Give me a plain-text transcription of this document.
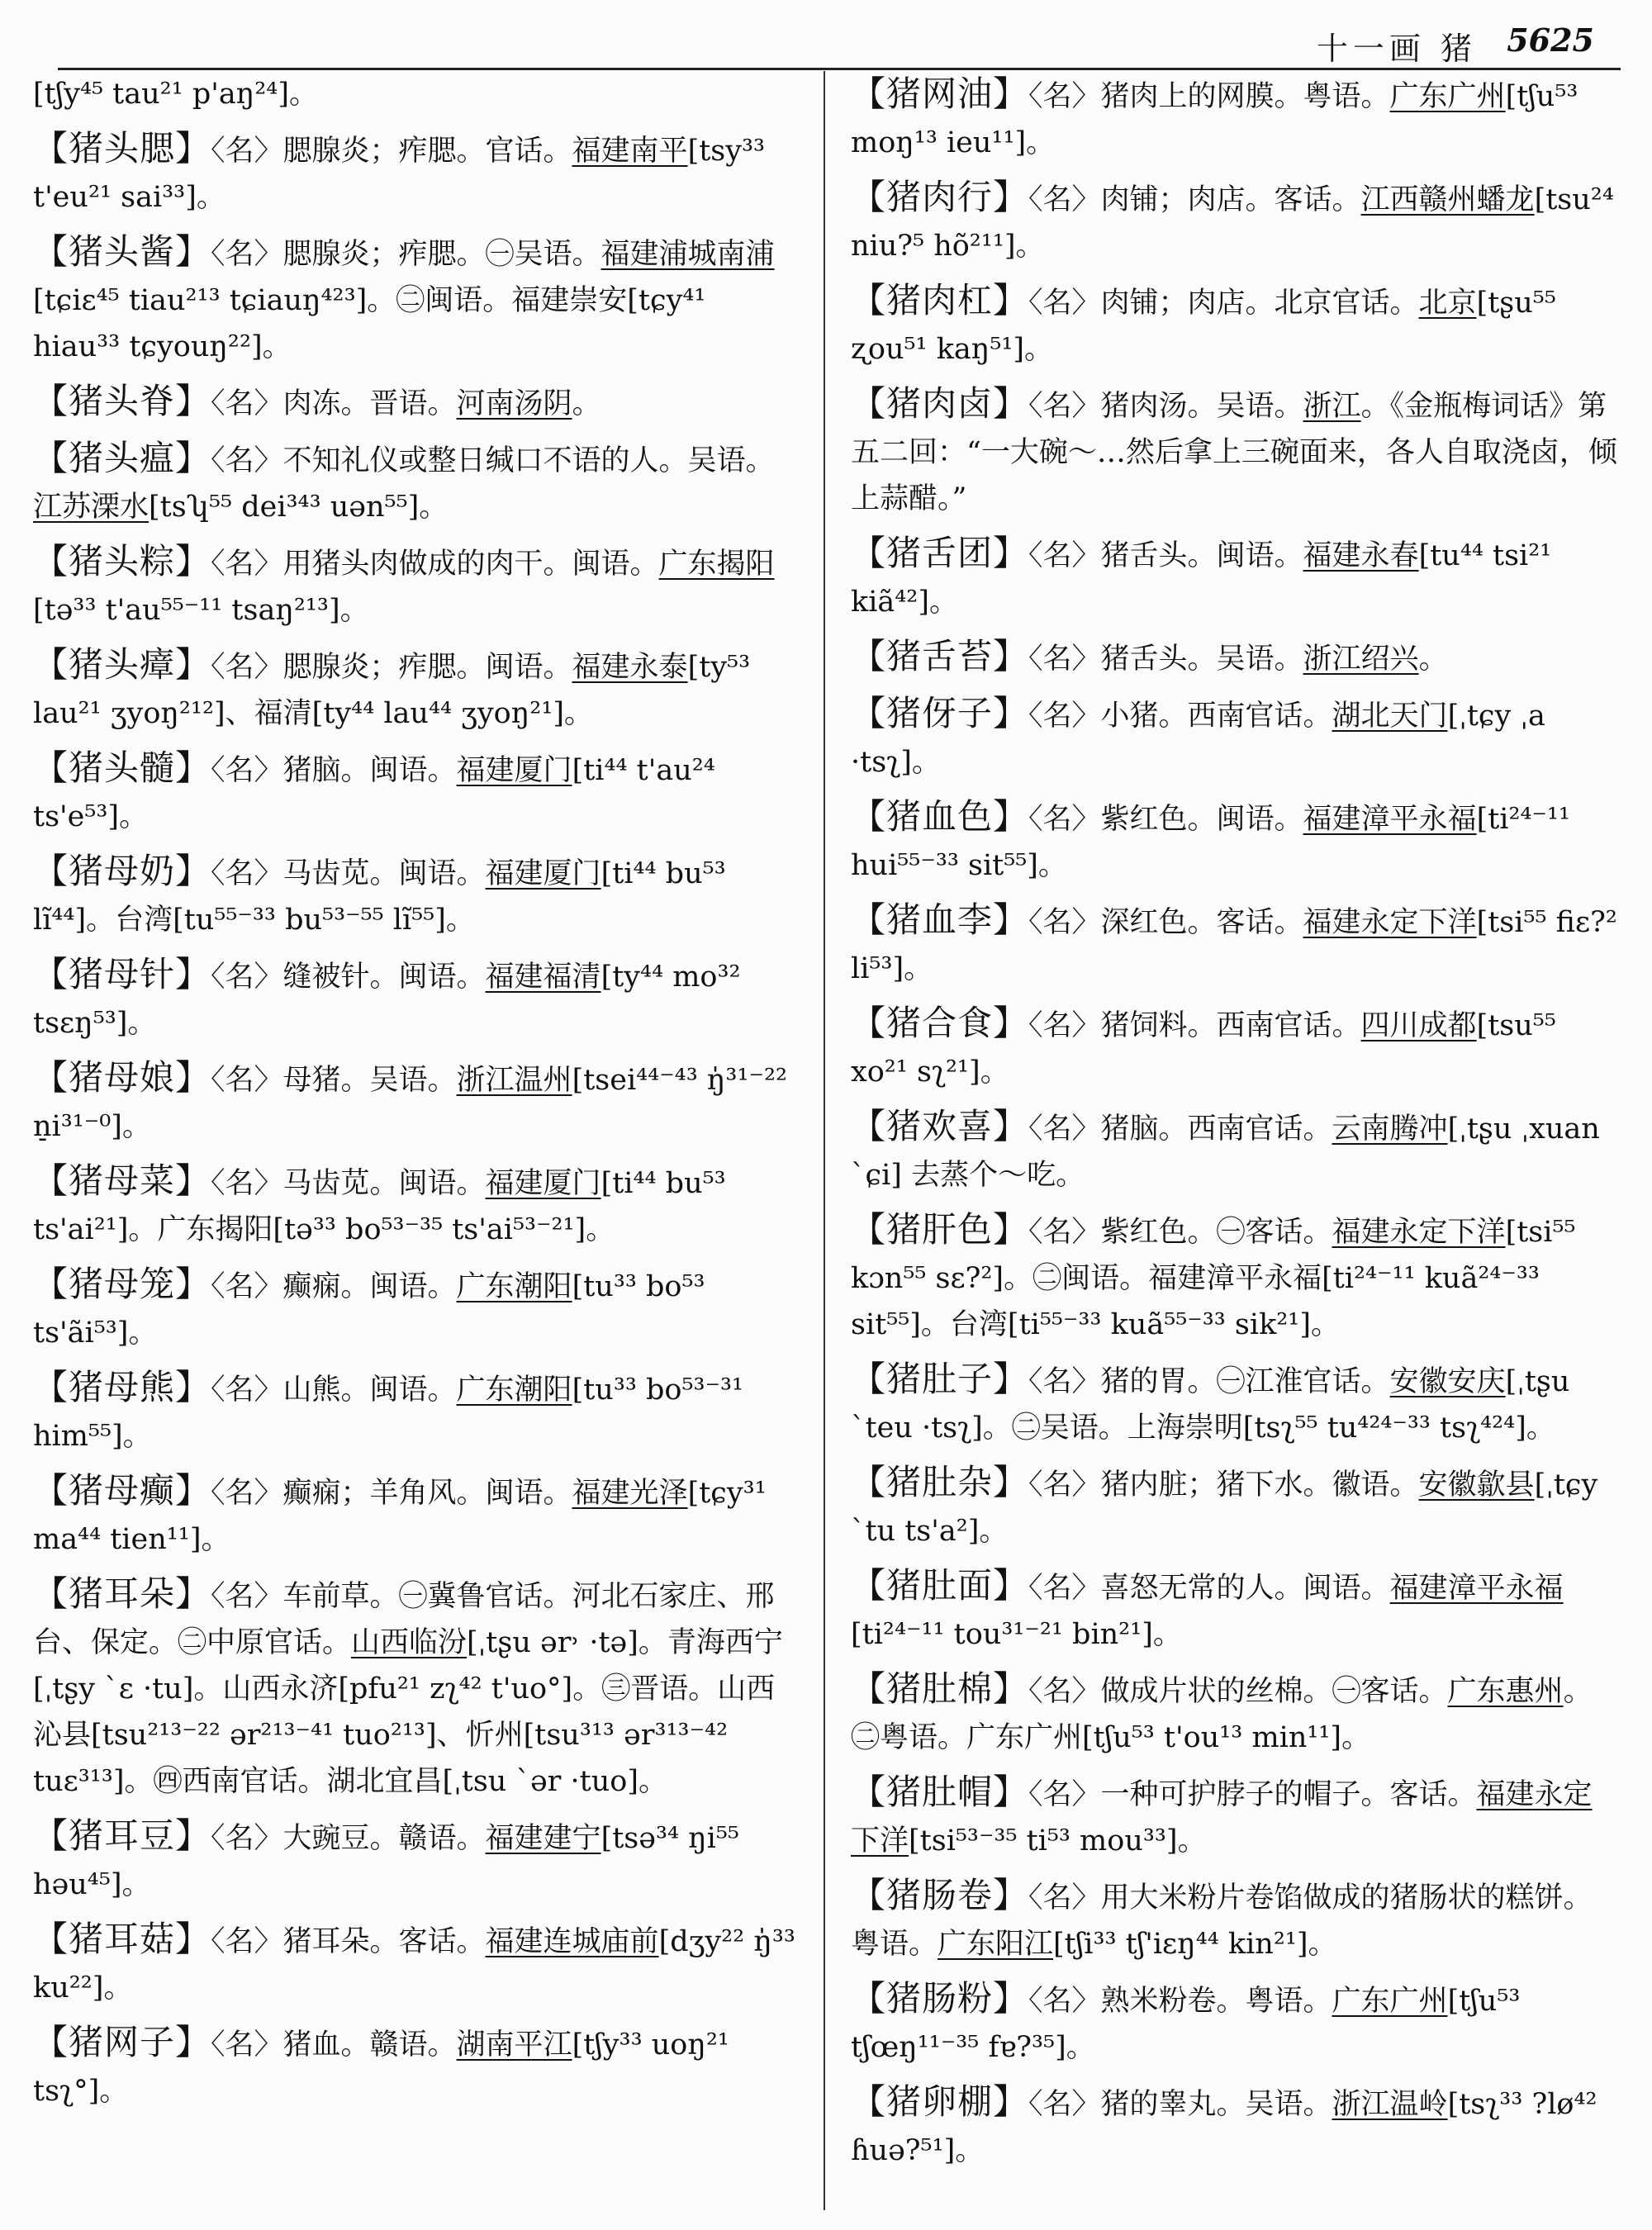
十一画 猪 5625

[tʃy⁴⁵ tau²¹ p'aŋ²⁴]。

【猪头腮】〈名〉腮腺炎；痄腮。官话。福建南平[tsy³³ t'eu²¹ sai³³]。

【猪头酱】〈名〉腮腺炎；痄腮。㊀吴语。福建浦城南浦[tɕiɛ⁴⁵ tiau²¹³ tɕiauŋ⁴²³]。㊁闽语。福建崇安[tɕy⁴¹ hiau³³ tɕyouŋ²²]。

【猪头脊】〈名〉肉冻。晋语。河南汤阴。

【猪头瘟】〈名〉不知礼仪或整日缄口不语的人。吴语。江苏溧水[tsʮ⁵⁵ dei³⁴³ uən⁵⁵]。

【猪头粽】〈名〉用猪头肉做成的肉干。闽语。广东揭阳[tə³³ t'au⁵⁵⁻¹¹ tsaŋ²¹³]。

【猪头瘴】〈名〉腮腺炎；痄腮。闽语。福建永泰[ty⁵³ lau²¹ ʒyoŋ²¹²]、福清[ty⁴⁴ lau⁴⁴ ʒyoŋ²¹]。

【猪头髓】〈名〉猪脑。闽语。福建厦门[ti⁴⁴ t'au²⁴ ts'e⁵³]。

【猪母奶】〈名〉马齿苋。闽语。福建厦门[ti⁴⁴ bu⁵³ lĩ⁴⁴]。台湾[tu⁵⁵⁻³³ bu⁵³⁻⁵⁵ lĩ⁵⁵]。

【猪母针】〈名〉缝被针。闽语。福建福清[ty⁴⁴ mo³² tsɛŋ⁵³]。

【猪母娘】〈名〉母猪。吴语。浙江温州[tsei⁴⁴⁻⁴³ ŋ̍³¹⁻²² n̠i³¹⁻⁰]。

【猪母菜】〈名〉马齿苋。闽语。福建厦门[ti⁴⁴ bu⁵³ ts'ai²¹]。广东揭阳[tə³³ bo⁵³⁻³⁵ ts'ai⁵³⁻²¹]。

【猪母笼】〈名〉癫痫。闽语。广东潮阳[tu³³ bo⁵³ ts'ãi⁵³]。

【猪母熊】〈名〉山熊。闽语。广东潮阳[tu³³ bo⁵³⁻³¹ him⁵⁵]。

【猪母癫】〈名〉癫痫；羊角风。闽语。福建光泽[tɕy³¹ ma⁴⁴ tien¹¹]。

【猪耳朵】〈名〉车前草。㊀冀鲁官话。河北石家庄、邢台、保定。㊁中原官话。山西临汾[ˌtʂu ər˒ ·tə]。青海西宁[ˌtʂy ˋɛ ·tu]。山西永济[pfu²¹ zʅ⁴² t'uo°]。㊂晋语。山西沁县[tsu²¹³⁻²² ər²¹³⁻⁴¹ tuo²¹³]、忻州[tsu³¹³ ər³¹³⁻⁴² tuɛ³¹³]。㊃西南官话。湖北宜昌[ˌtsu ˋər ·tuo]。

【猪耳豆】〈名〉大豌豆。赣语。福建建宁[tsə³⁴ ŋi⁵⁵ həu⁴⁵]。

【猪耳菇】〈名〉猪耳朵。客话。福建连城庙前[dʒy²² ŋ̍³³ ku²²]。

【猪网子】〈名〉猪血。赣语。湖南平江[tʃy³³ uoŋ²¹ tsʅ°]。

【猪网油】〈名〉猪肉上的网膜。粤语。广东广州[tʃu⁵³ moŋ¹³ ieu¹¹]。

【猪肉行】〈名〉肉铺；肉店。客话。江西赣州蟠龙[tsu²⁴ niu?⁵ hõ²¹¹]。

【猪肉杠】〈名〉肉铺；肉店。北京官话。北京[tʂu⁵⁵ ʐou⁵¹ kaŋ⁵¹]。

【猪肉卤】〈名〉猪肉汤。吴语。浙江。《金瓶梅词话》第五二回：“一大碗～…然后拿上三碗面来，各人自取浇卤，倾上蒜醋。”

【猪舌团】〈名〉猪舌头。闽语。福建永春[tu⁴⁴ tsi²¹ kiã⁴²]。

【猪舌苔】〈名〉猪舌头。吴语。浙江绍兴。

【猪伢子】〈名〉小猪。西南官话。湖北天门[ˌtɕy ˌa ·tsʅ]。

【猪血色】〈名〉紫红色。闽语。福建漳平永福[ti²⁴⁻¹¹ hui⁵⁵⁻³³ sit⁵⁵]。

【猪血李】〈名〉深红色。客话。福建永定下洋[tsi⁵⁵ fiɛ?² li⁵³]。

【猪合食】〈名〉猪饲料。西南官话。四川成都[tsu⁵⁵ xo²¹ sʅ²¹]。

【猪欢喜】〈名〉猪脑。西南官话。云南腾冲[ˌtʂu ˌxuan ˋɕi] 去蒸个～吃。

【猪肝色】〈名〉紫红色。㊀客话。福建永定下洋[tsi⁵⁵ kɔn⁵⁵ sɛ?²]。㊁闽语。福建漳平永福[ti²⁴⁻¹¹ kuã²⁴⁻³³ sit⁵⁵]。台湾[ti⁵⁵⁻³³ kuã⁵⁵⁻³³ sik²¹]。

【猪肚子】〈名〉猪的胃。㊀江淮官话。安徽安庆[ˌtʂu ˋteu ·tsʅ]。㊁吴语。上海崇明[tsʅ⁵⁵ tu⁴²⁴⁻³³ tsʅ⁴²⁴]。

【猪肚杂】〈名〉猪内脏；猪下水。徽语。安徽歙县[ˌtɕy ˋtu ts'a²]。

【猪肚面】〈名〉喜怒无常的人。闽语。福建漳平永福[ti²⁴⁻¹¹ tou³¹⁻²¹ bin²¹]。

【猪肚棉】〈名〉做成片状的丝棉。㊀客话。广东惠州。㊁粤语。广东广州[tʃu⁵³ t'ou¹³ min¹¹]。

【猪肚帽】〈名〉一种可护脖子的帽子。客话。福建永定下洋[tsi⁵³⁻³⁵ ti⁵³ mou³³]。

【猪肠卷】〈名〉用大米粉片卷馅做成的猪肠状的糕饼。粤语。广东阳江[tʃi³³ tʃ'iɛŋ⁴⁴ kin²¹]。

【猪肠粉】〈名〉熟米粉卷。粤语。广东广州[tʃu⁵³ tʃœŋ¹¹⁻³⁵ fɐ?³⁵]。

【猪卵棚】〈名〉猪的睾丸。吴语。浙江温岭[tsʅ³³ ?lø⁴² ɦuə?⁵¹]。
